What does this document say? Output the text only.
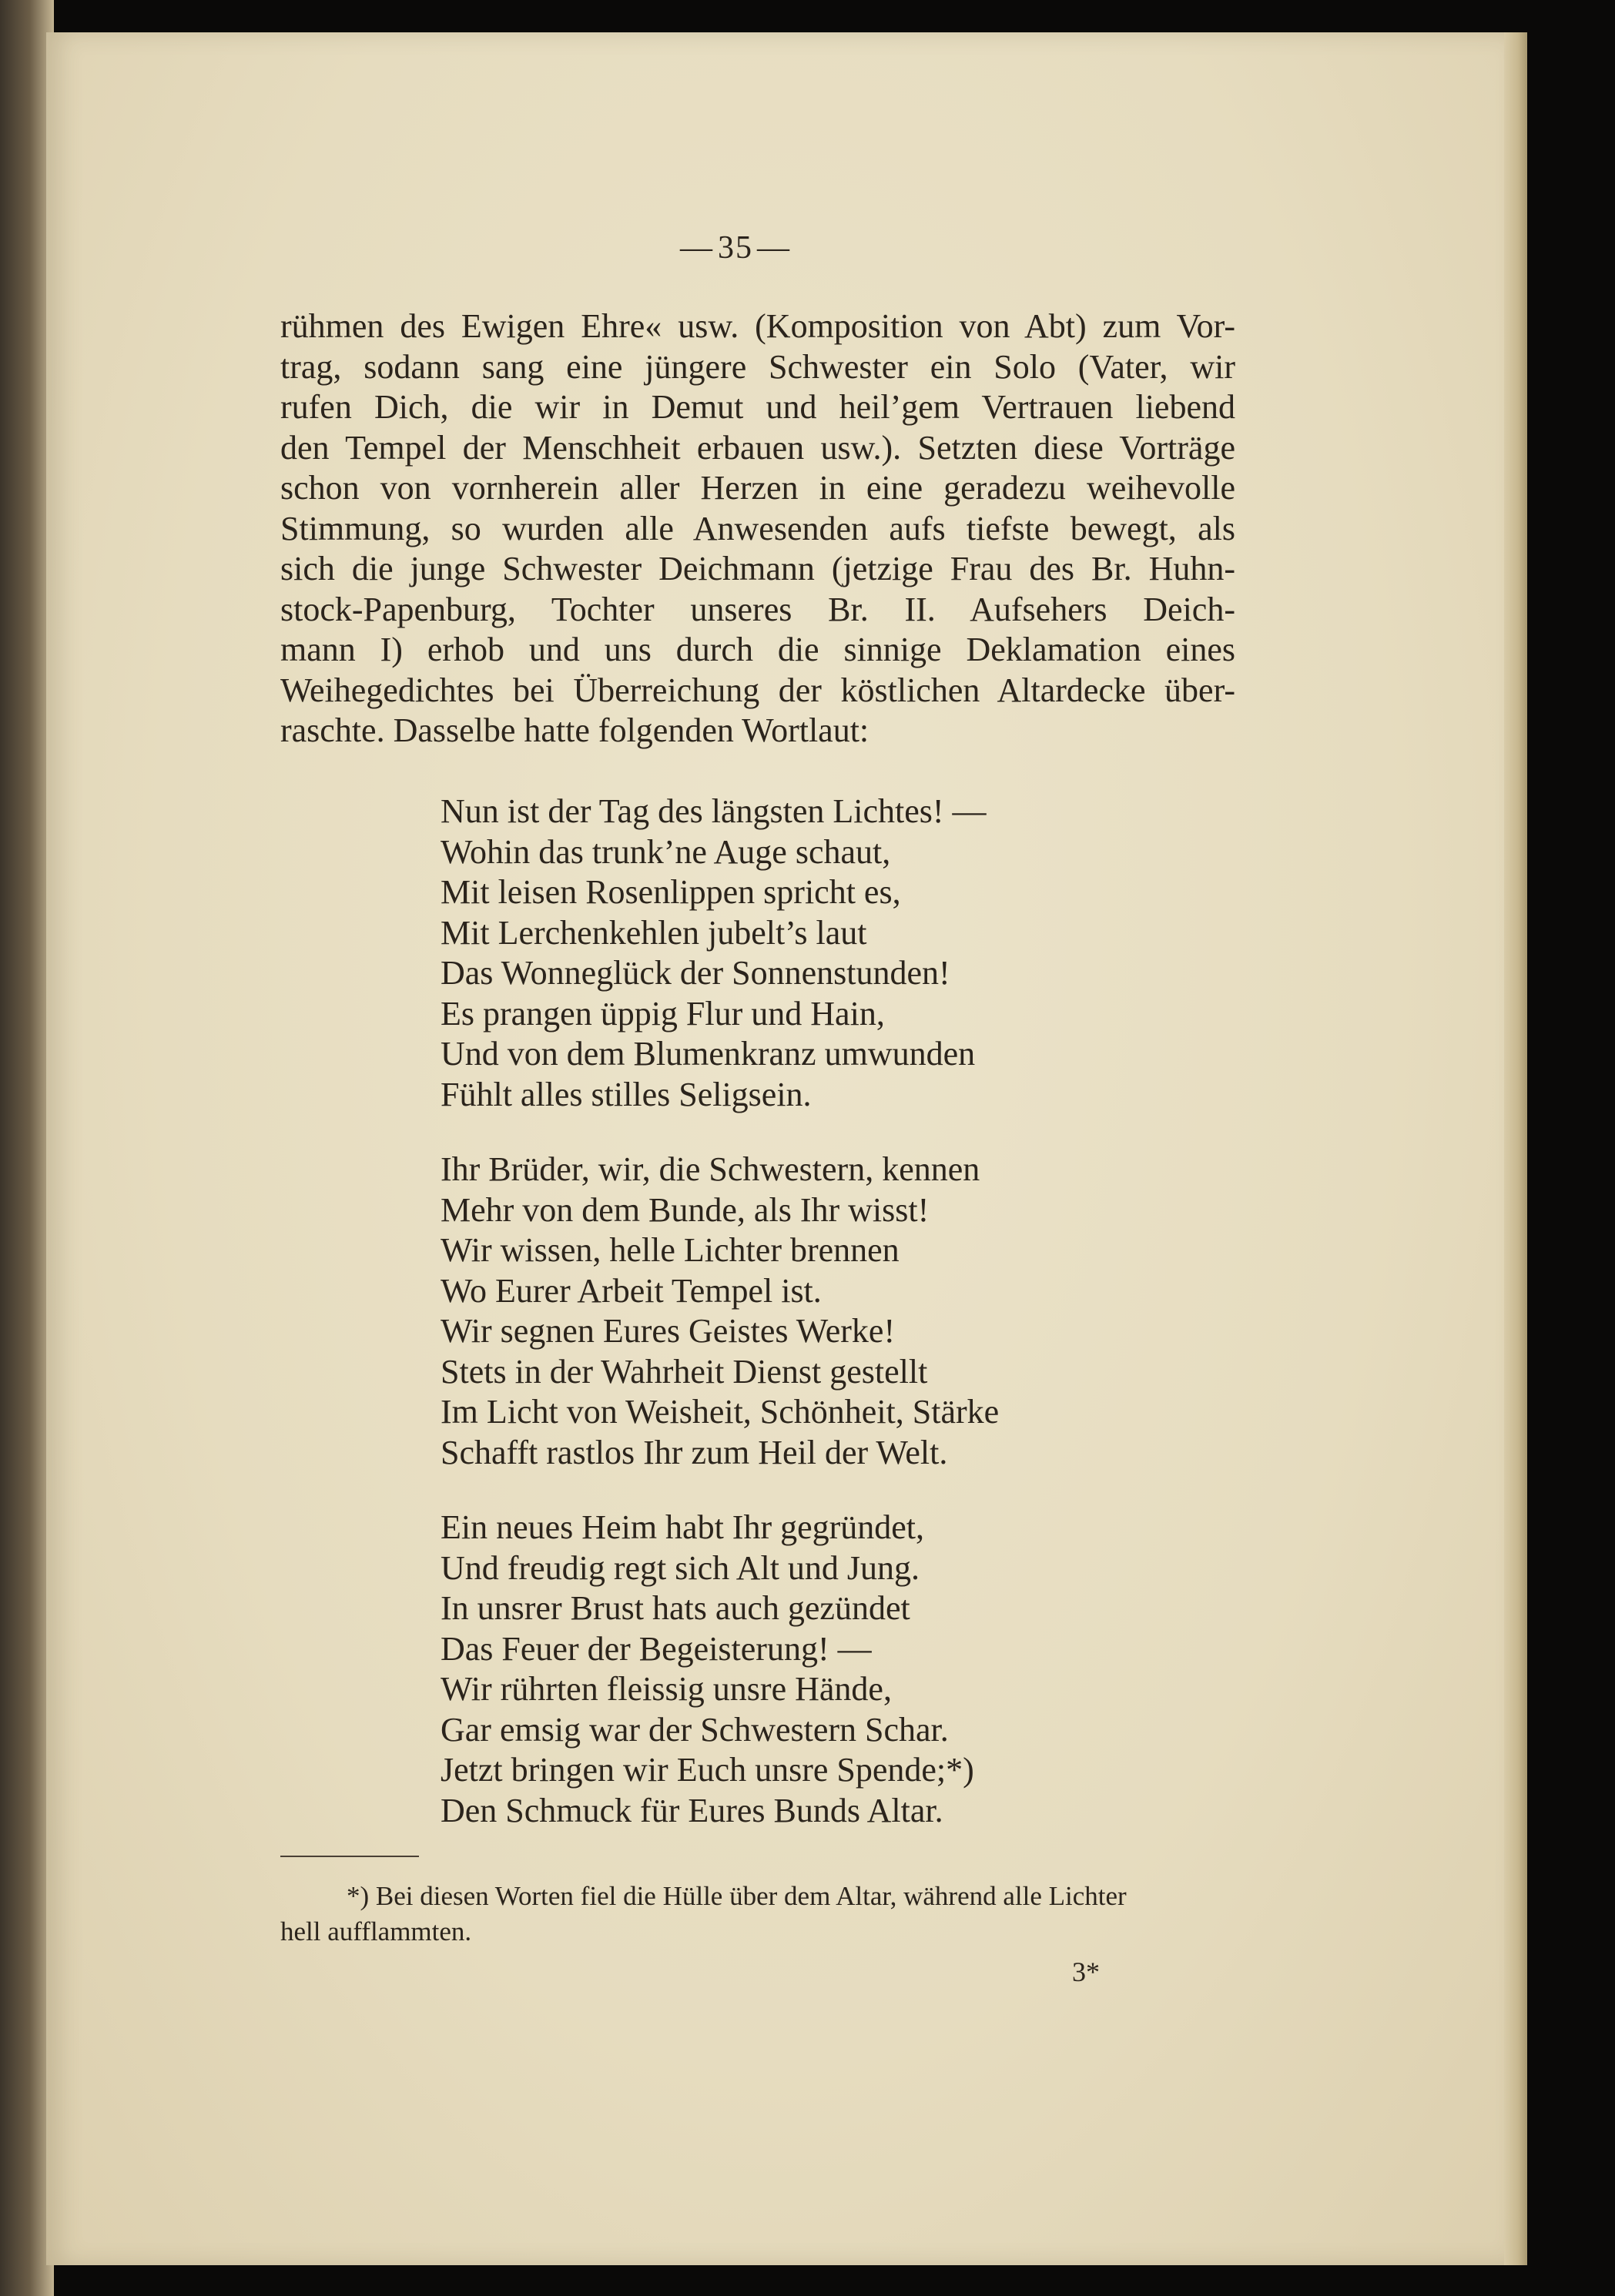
— 35 —
rühmen des Ewigen Ehre« usw. (Komposition von Abt) zum Vor-
trag, sodann sang eine jüngere Schwester ein Solo (Vater, wir
rufen Dich, die wir in Demut und heil’gem Vertrauen liebend
den Tempel der Menschheit erbauen usw.). Setzten diese Vorträge
schon von vornherein aller Herzen in eine geradezu weihevolle
Stimmung, so wurden alle Anwesenden aufs tiefste bewegt, als
sich die junge Schwester Deichmann (jetzige Frau des Br. Huhn-
stock-Papenburg, Tochter unseres Br. II. Aufsehers Deich-
mann I) erhob und uns durch die sinnige Deklamation eines
Weihegedichtes bei Überreichung der köstlichen Altardecke über-
raschte. Dasselbe hatte folgenden Wortlaut:
Nun ist der Tag des längsten Lichtes! —
Wohin das trunk’ne Auge schaut,
Mit leisen Rosenlippen spricht es,
Mit Lerchenkehlen jubelt’s laut
Das Wonneglück der Sonnenstunden!
Es prangen üppig Flur und Hain,
Und von dem Blumenkranz umwunden
Fühlt alles stilles Seligsein.
Ihr Brüder, wir, die Schwestern, kennen
Mehr von dem Bunde, als Ihr wisst!
Wir wissen, helle Lichter brennen
Wo Eurer Arbeit Tempel ist.
Wir segnen Eures Geistes Werke!
Stets in der Wahrheit Dienst gestellt
Im Licht von Weisheit, Schönheit, Stärke
Schafft rastlos Ihr zum Heil der Welt.
Ein neues Heim habt Ihr gegründet,
Und freudig regt sich Alt und Jung.
In unsrer Brust hats auch gezündet
Das Feuer der Begeisterung! —
Wir rührten fleissig unsre Hände,
Gar emsig war der Schwestern Schar.
Jetzt bringen wir Euch unsre Spende;*)
Den Schmuck für Eures Bunds Altar.
*) Bei diesen Worten fiel die Hülle über dem Altar, während alle Lichter
hell aufflammten.
3*
